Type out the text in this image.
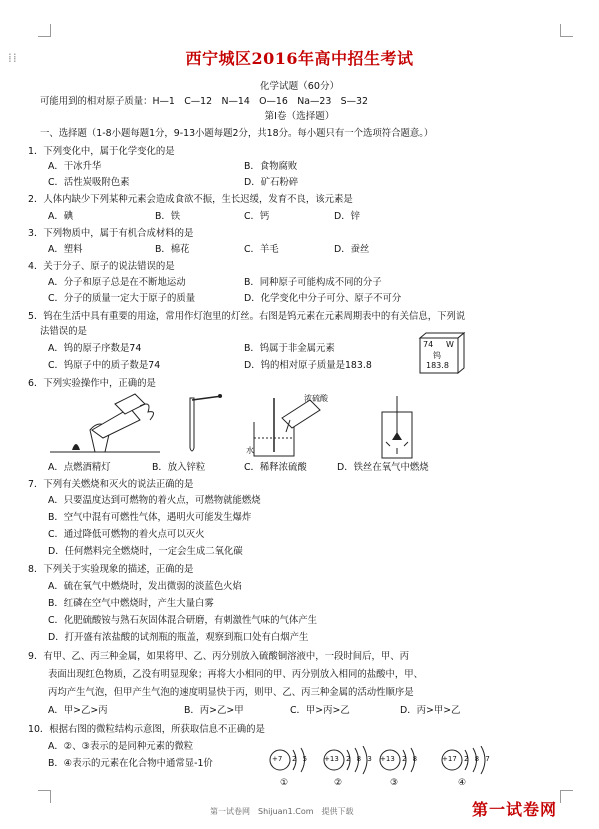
⁞⁞	西宁城区2016年高中招生考试
化学试题（60分）
可能用到的相对原子质量：H—1　C—12　N—14　O—16　Na—23　S—32
第Ⅰ卷（选择题）
一、选择题（1-8小题每题1分，9-13小题每题2分，共18分。每小题只有一个选项符合题意。）
1．下列变化中，属于化学变化的是
A．干冰升华	B．食物腐败
C．活性炭吸附色素	D．矿石粉碎
2．人体内缺少下列某种元素会造成食欲不振，生长迟缓，发育不良，该元素是
A．碘	B．铁	C．钙	D．锌
3．下列物质中，属于有机合成材料的是
A．塑料	B．棉花	C．羊毛	D．蚕丝
4．关于分子、原子的说法错误的是
A．分子和原子总是在不断地运动	B．同种原子可能构成不同的分子
C．分子的质量一定大于原子的质量	D．化学变化中分子可分、原子不可分
5．钨在生活中具有重要的用途，常用作灯泡里的灯丝。右图是钨元素在元素周期表中的有关信息，下列说
法错误的是
A．钨的原子序数是74	B．钨属于非金属元素
C．钨原子中的质子数是74	D．钨的相对原子质量是183.8
74 W
钨
183.8
6．下列实验操作中，正确的是
浓硫酸
水
A．点燃酒精灯	B．放入锌粒	C．稀释浓硫酸	D．铁丝在氧气中燃烧
7．下列有关燃烧和灭火的说法正确的是
A．只要温度达到可燃物的着火点，可燃物就能燃烧
B．空气中混有可燃性气体，遇明火可能发生爆炸
C．通过降低可燃物的着火点可以灭火
D．任何燃料完全燃烧时，一定会生成二氧化碳
8．下列关于实验现象的描述，正确的是
A．硫在氧气中燃烧时，发出微弱的淡蓝色火焰
B．红磷在空气中燃烧时，产生大量白雾
C．化肥硫酸铵与熟石灰固体混合研磨，有刺激性气味的气体产生
D．打开盛有浓盐酸的试剂瓶的瓶盖，观察到瓶口处有白烟产生
9．有甲、乙、丙三种金属，如果将甲、乙、丙分别放入硫酸铜溶液中，一段时间后，甲、丙
表面出现红色物质，乙没有明显现象；再将大小相同的甲、丙分别放入相同的盐酸中，甲、
丙均产生气泡，但甲产生气泡的速度明显快于丙，则甲、乙、丙三种金属的活动性顺序是
A．甲>乙>丙	B．丙>乙>甲	C．甲>丙>乙	D．丙>甲>乙
10．根据右图的微粒结构示意图，所获取信息不正确的是
A．②、③表示的是同种元素的微粒
B．④表示的元素在化合物中通常显-1价	+7 2 5
①
+13 2 8 3
②
+13 2 8
③
+17 2 8 7
④
第一试卷网　Shijuan1.Com　提供下载	第一试卷网
